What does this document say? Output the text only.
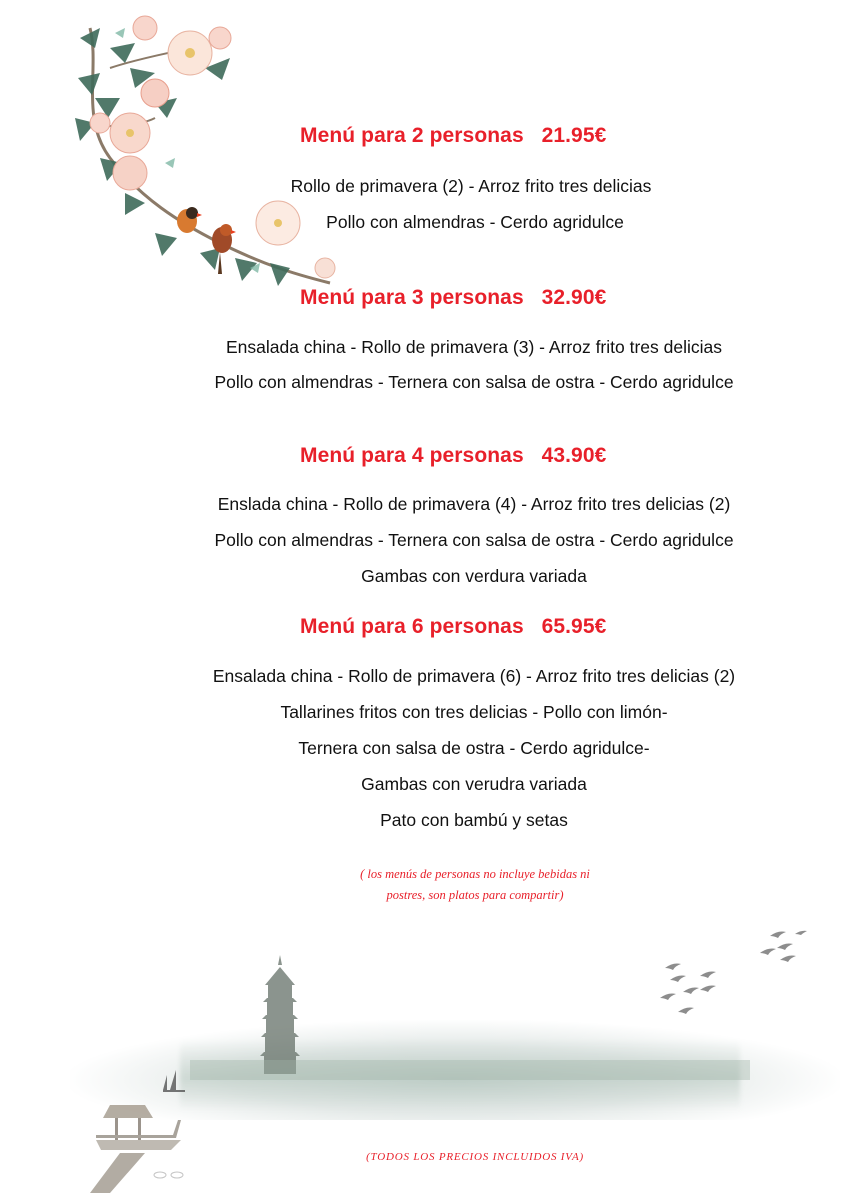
Menú para 2 personas 21.95€
Rollo de primavera (2) - Arroz frito tres delicias
Pollo con almendras - Cerdo agridulce
Menú para 3 personas 32.90€
Ensalada china - Rollo de primavera (3) - Arroz frito tres delicias
Pollo con almendras - Ternera con salsa de ostra - Cerdo agridulce
Menú para 4 personas 43.90€
Enslada china - Rollo de primavera (4) - Arroz frito tres delicias (2)
Pollo con almendras - Ternera con salsa de ostra - Cerdo agridulce
Gambas con verdura variada
Menú para 6 personas 65.95€
Ensalada china - Rollo de primavera (6) - Arroz frito tres delicias (2)
Tallarines fritos con tres delicias - Pollo con limón-
Ternera con salsa de ostra - Cerdo agridulce-
Gambas con verudra variada
Pato con bambú y setas
( los menús de personas no incluye bebidas ni
postres, son platos para compartir)
(TODOS LOS PRECIOS INCLUIDOS IVA)
